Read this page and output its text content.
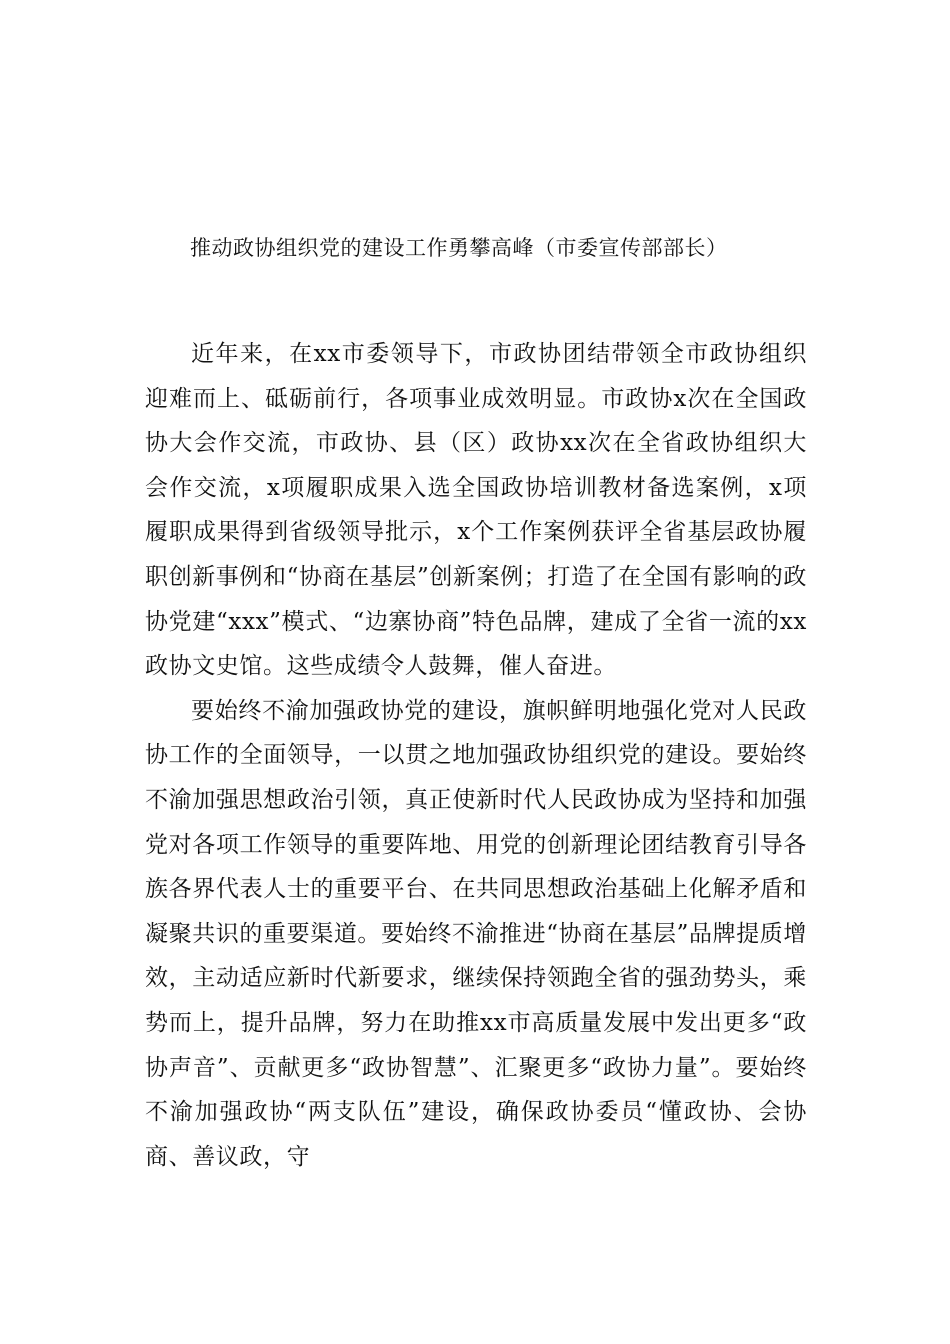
推动政协组织党的建设工作勇攀高峰（市委宣传部部长）

近年来，在xx市委领导下，市政协团结带领全市政协组织迎难而上、砥砺前行，各项事业成效明显。市政协x次在全国政协大会作交流，市政协、县（区）政协xx次在全省政协组织大会作交流，x项履职成果入选全国政协培训教材备选案例，x项履职成果得到省级领导批示，x个工作案例获评全省基层政协履职创新事例和“协商在基层”创新案例；打造了在全国有影响的政协党建“xxx”模式、“边寨协商”特色品牌，建成了全省一流的xx政协文史馆。这些成绩令人鼓舞，催人奋进。

要始终不渝加强政协党的建设，旗帜鲜明地强化党对人民政协工作的全面领导，一以贯之地加强政协组织党的建设。要始终不渝加强思想政治引领，真正使新时代人民政协成为坚持和加强党对各项工作领导的重要阵地、用党的创新理论团结教育引导各族各界代表人士的重要平台、在共同思想政治基础上化解矛盾和凝聚共识的重要渠道。要始终不渝推进“协商在基层”品牌提质增效，主动适应新时代新要求，继续保持领跑全省的强劲势头，乘势而上，提升品牌，努力在助推xx市高质量发展中发出更多“政协声音”、贡献更多“政协智慧”、汇聚更多“政协力量”。要始终不渝加强政协“两支队伍”建设，确保政协委员“懂政协、会协商、善议政，守
